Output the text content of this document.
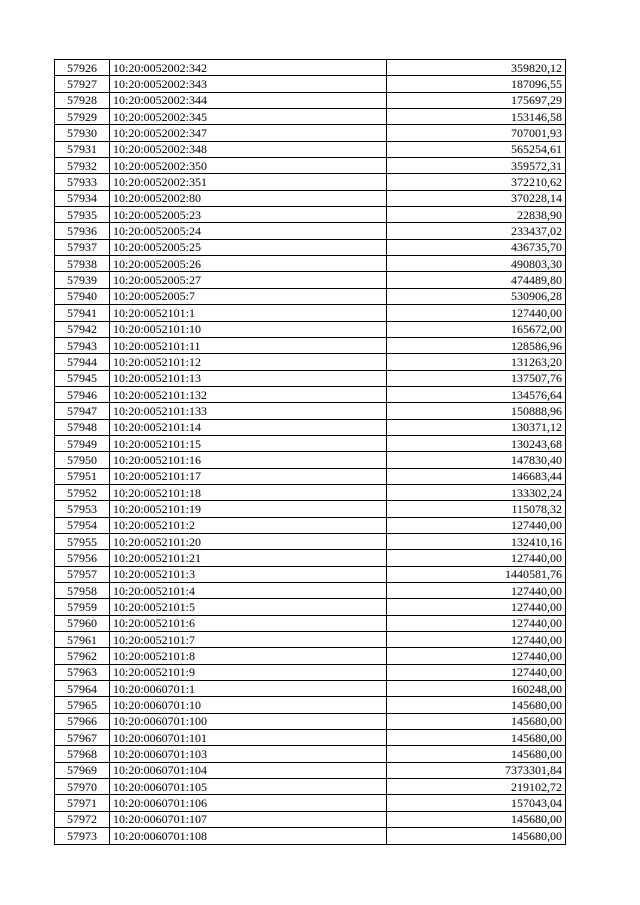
57926	10:20:0052002:342	359820,12
57927	10:20:0052002:343	187096,55
57928	10:20:0052002:344	175697,29
57929	10:20:0052002:345	153146,58
57930	10:20:0052002:347	707001,93
57931	10:20:0052002:348	565254,61
57932	10:20:0052002:350	359572,31
57933	10:20:0052002:351	372210,62
57934	10:20:0052002:80	370228,14
57935	10:20:0052005:23	22838,90
57936	10:20:0052005:24	233437,02
57937	10:20:0052005:25	436735,70
57938	10:20:0052005:26	490803,30
57939	10:20:0052005:27	474489,80
57940	10:20:0052005:7	530906,28
57941	10:20:0052101:1	127440,00
57942	10:20:0052101:10	165672,00
57943	10:20:0052101:11	128586,96
57944	10:20:0052101:12	131263,20
57945	10:20:0052101:13	137507,76
57946	10:20:0052101:132	134576,64
57947	10:20:0052101:133	150888,96
57948	10:20:0052101:14	130371,12
57949	10:20:0052101:15	130243,68
57950	10:20:0052101:16	147830,40
57951	10:20:0052101:17	146683,44
57952	10:20:0052101:18	133302,24
57953	10:20:0052101:19	115078,32
57954	10:20:0052101:2	127440,00
57955	10:20:0052101:20	132410,16
57956	10:20:0052101:21	127440,00
57957	10:20:0052101:3	1440581,76
57958	10:20:0052101:4	127440,00
57959	10:20:0052101:5	127440,00
57960	10:20:0052101:6	127440,00
57961	10:20:0052101:7	127440,00
57962	10:20:0052101:8	127440,00
57963	10:20:0052101:9	127440,00
57964	10:20:0060701:1	160248,00
57965	10:20:0060701:10	145680,00
57966	10:20:0060701:100	145680,00
57967	10:20:0060701:101	145680,00
57968	10:20:0060701:103	145680,00
57969	10:20:0060701:104	7373301,84
57970	10:20:0060701:105	219102,72
57971	10:20:0060701:106	157043,04
57972	10:20:0060701:107	145680,00
57973	10:20:0060701:108	145680,00
